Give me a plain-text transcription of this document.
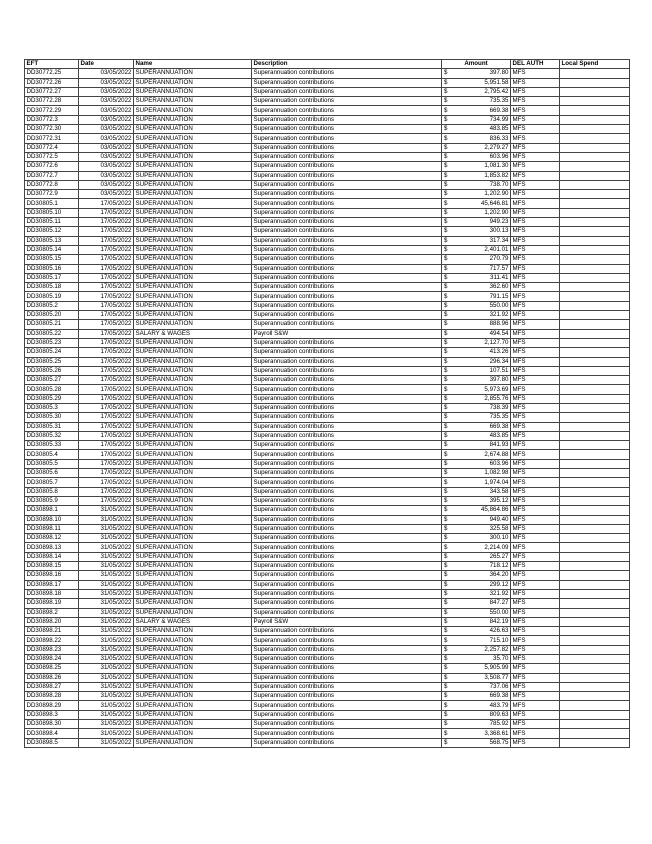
EFT	Date	Name	Description	Amount	DEL AUTH	Local Spend
DD30772.25	03/05/2022	SUPERANNUATION	Superannuation contributions	$ 397.80	MFS	
DD30772.26	03/05/2022	SUPERANNUATION	Superannuation contributions	$ 5,951.58	MFS	
DD30772.27	03/05/2022	SUPERANNUATION	Superannuation contributions	$ 2,795.42	MFS	
DD30772.28	03/05/2022	SUPERANNUATION	Superannuation contributions	$ 735.35	MFS	
DD30772.29	03/05/2022	SUPERANNUATION	Superannuation contributions	$ 669.38	MFS	
DD30772.3	03/05/2022	SUPERANNUATION	Superannuation contributions	$ 734.99	MFS	
DD30772.30	03/05/2022	SUPERANNUATION	Superannuation contributions	$ 483.85	MFS	
DD30772.31	03/05/2022	SUPERANNUATION	Superannuation contributions	$ 836.33	MFS	
DD30772.4	03/05/2022	SUPERANNUATION	Superannuation contributions	$ 2,279.27	MFS	
DD30772.5	03/05/2022	SUPERANNUATION	Superannuation contributions	$ 603.96	MFS	
DD30772.6	03/05/2022	SUPERANNUATION	Superannuation contributions	$ 1,081.30	MFS	
DD30772.7	03/05/2022	SUPERANNUATION	Superannuation contributions	$ 1,853.82	MFS	
DD30772.8	03/05/2022	SUPERANNUATION	Superannuation contributions	$ 738.70	MFS	
DD30772.9	03/05/2022	SUPERANNUATION	Superannuation contributions	$ 1,202.90	MFS	
DD30805.1	17/05/2022	SUPERANNUATION	Superannuation contributions	$ 45,646.81	MFS	
DD30805.10	17/05/2022	SUPERANNUATION	Superannuation contributions	$ 1,202.90	MFS	
DD30805.11	17/05/2022	SUPERANNUATION	Superannuation contributions	$ 949.23	MFS	
DD30805.12	17/05/2022	SUPERANNUATION	Superannuation contributions	$ 300.13	MFS	
DD30805.13	17/05/2022	SUPERANNUATION	Superannuation contributions	$ 317.34	MFS	
DD30805.14	17/05/2022	SUPERANNUATION	Superannuation contributions	$ 2,401.01	MFS	
DD30805.15	17/05/2022	SUPERANNUATION	Superannuation contributions	$ 270.79	MFS	
DD30805.16	17/05/2022	SUPERANNUATION	Superannuation contributions	$ 717.57	MFS	
DD30805.17	17/05/2022	SUPERANNUATION	Superannuation contributions	$ 311.41	MFS	
DD30805.18	17/05/2022	SUPERANNUATION	Superannuation contributions	$ 362.60	MFS	
DD30805.19	17/05/2022	SUPERANNUATION	Superannuation contributions	$ 791.15	MFS	
DD30805.2	17/05/2022	SUPERANNUATION	Superannuation contributions	$ 550.00	MFS	
DD30805.20	17/05/2022	SUPERANNUATION	Superannuation contributions	$ 321.92	MFS	
DD30805.21	17/05/2022	SUPERANNUATION	Superannuation contributions	$ 888.96	MFS	
DD30805.22	17/05/2022	SALARY & WAGES	Payroll S&W	$ 494.54	MFS	
DD30805.23	17/05/2022	SUPERANNUATION	Superannuation contributions	$ 2,127.70	MFS	
DD30805.24	17/05/2022	SUPERANNUATION	Superannuation contributions	$ 413.26	MFS	
DD30805.25	17/05/2022	SUPERANNUATION	Superannuation contributions	$ 296.34	MFS	
DD30805.26	17/05/2022	SUPERANNUATION	Superannuation contributions	$ 107.51	MFS	
DD30805.27	17/05/2022	SUPERANNUATION	Superannuation contributions	$ 397.80	MFS	
DD30805.28	17/05/2022	SUPERANNUATION	Superannuation contributions	$ 5,973.69	MFS	
DD30805.29	17/05/2022	SUPERANNUATION	Superannuation contributions	$ 2,855.76	MFS	
DD30805.3	17/05/2022	SUPERANNUATION	Superannuation contributions	$ 738.39	MFS	
DD30805.30	17/05/2022	SUPERANNUATION	Superannuation contributions	$ 735.35	MFS	
DD30805.31	17/05/2022	SUPERANNUATION	Superannuation contributions	$ 669.38	MFS	
DD30805.32	17/05/2022	SUPERANNUATION	Superannuation contributions	$ 483.85	MFS	
DD30805.33	17/05/2022	SUPERANNUATION	Superannuation contributions	$ 841.93	MFS	
DD30805.4	17/05/2022	SUPERANNUATION	Superannuation contributions	$ 2,674.88	MFS	
DD30805.5	17/05/2022	SUPERANNUATION	Superannuation contributions	$ 603.96	MFS	
DD30805.6	17/05/2022	SUPERANNUATION	Superannuation contributions	$ 1,082.98	MFS	
DD30805.7	17/05/2022	SUPERANNUATION	Superannuation contributions	$ 1,974.04	MFS	
DD30805.8	17/05/2022	SUPERANNUATION	Superannuation contributions	$ 343.58	MFS	
DD30805.9	17/05/2022	SUPERANNUATION	Superannuation contributions	$ 395.12	MFS	
DD30898.1	31/05/2022	SUPERANNUATION	Superannuation contributions	$ 45,864.86	MFS	
DD30898.10	31/05/2022	SUPERANNUATION	Superannuation contributions	$ 949.40	MFS	
DD30898.11	31/05/2022	SUPERANNUATION	Superannuation contributions	$ 325.58	MFS	
DD30898.12	31/05/2022	SUPERANNUATION	Superannuation contributions	$ 300.10	MFS	
DD30898.13	31/05/2022	SUPERANNUATION	Superannuation contributions	$ 2,214.09	MFS	
DD30898.14	31/05/2022	SUPERANNUATION	Superannuation contributions	$ 265.27	MFS	
DD30898.15	31/05/2022	SUPERANNUATION	Superannuation contributions	$ 718.12	MFS	
DD30898.16	31/05/2022	SUPERANNUATION	Superannuation contributions	$ 364.20	MFS	
DD30898.17	31/05/2022	SUPERANNUATION	Superannuation contributions	$ 299.12	MFS	
DD30898.18	31/05/2022	SUPERANNUATION	Superannuation contributions	$ 321.92	MFS	
DD30898.19	31/05/2022	SUPERANNUATION	Superannuation contributions	$ 847.27	MFS	
DD30898.2	31/05/2022	SUPERANNUATION	Superannuation contributions	$ 550.00	MFS	
DD30898.20	31/05/2022	SALARY & WAGES	Payroll S&W	$ 842.19	MFS	
DD30898.21	31/05/2022	SUPERANNUATION	Superannuation contributions	$ 426.63	MFS	
DD30898.22	31/05/2022	SUPERANNUATION	Superannuation contributions	$ 715.10	MFS	
DD30898.23	31/05/2022	SUPERANNUATION	Superannuation contributions	$ 2,257.82	MFS	
DD30898.24	31/05/2022	SUPERANNUATION	Superannuation contributions	$ 35.70	MFS	
DD30898.25	31/05/2022	SUPERANNUATION	Superannuation contributions	$ 5,905.99	MFS	
DD30898.26	31/05/2022	SUPERANNUATION	Superannuation contributions	$ 3,508.77	MFS	
DD30898.27	31/05/2022	SUPERANNUATION	Superannuation contributions	$ 737.06	MFS	
DD30898.28	31/05/2022	SUPERANNUATION	Superannuation contributions	$ 669.38	MFS	
DD30898.29	31/05/2022	SUPERANNUATION	Superannuation contributions	$ 483.79	MFS	
DD30898.3	31/05/2022	SUPERANNUATION	Superannuation contributions	$ 809.63	MFS	
DD30898.30	31/05/2022	SUPERANNUATION	Superannuation contributions	$ 785.92	MFS	
DD30898.4	31/05/2022	SUPERANNUATION	Superannuation contributions	$ 3,368.61	MFS	
DD30898.5	31/05/2022	SUPERANNUATION	Superannuation contributions	$ 568.75	MFS	
